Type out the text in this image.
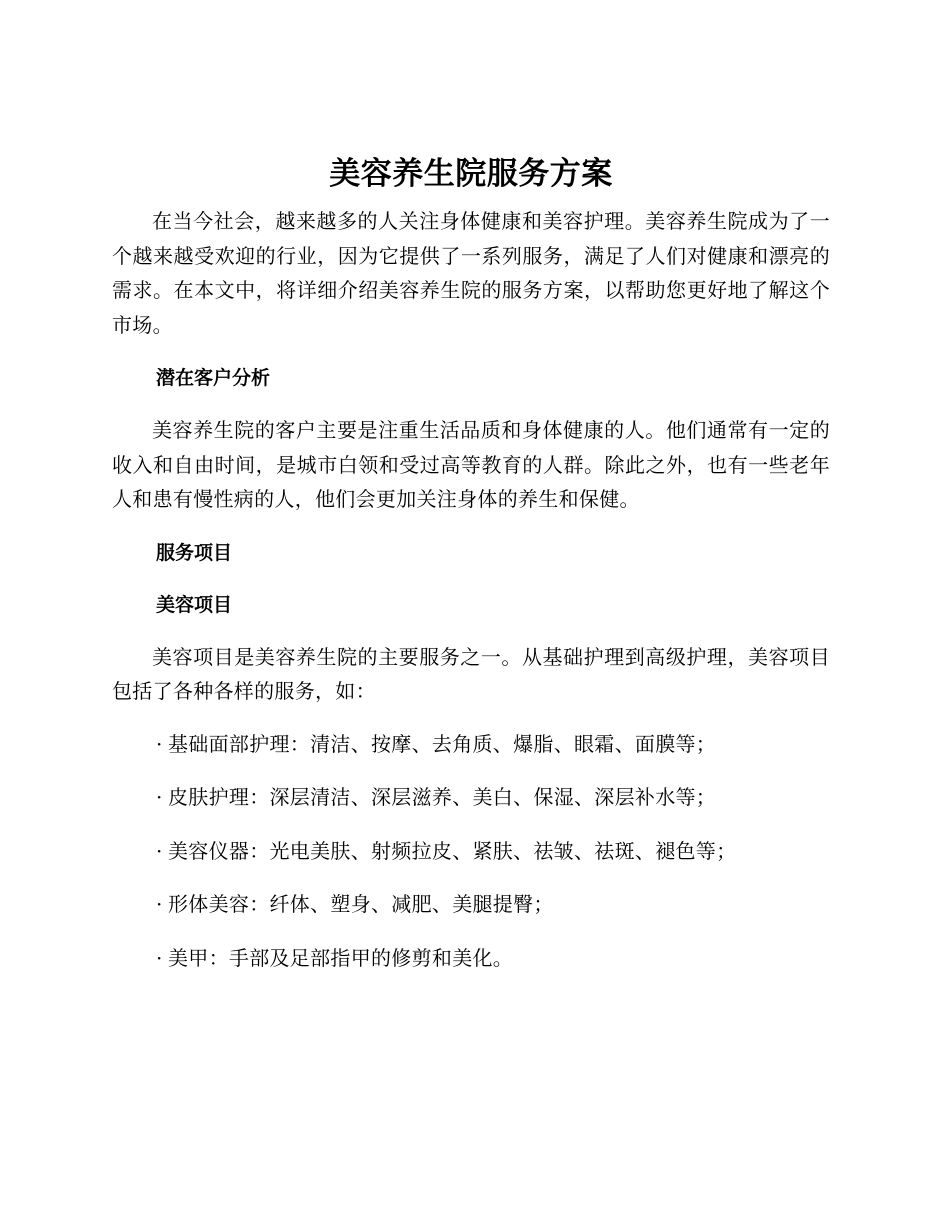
美容养生院服务方案

在当今社会，越来越多的人关注身体健康和美容护理。美容养生院成为了一个越来越受欢迎的行业，因为它提供了一系列服务，满足了人们对健康和漂亮的需求。在本文中，将详细介绍美容养生院的服务方案，以帮助您更好地了解这个市场。

潜在客户分析

美容养生院的客户主要是注重生活品质和身体健康的人。他们通常有一定的收入和自由时间，是城市白领和受过高等教育的人群。除此之外，也有一些老年人和患有慢性病的人，他们会更加关注身体的养生和保健。

服务项目
美容项目

美容项目是美容养生院的主要服务之一。从基础护理到高级护理，美容项目包括了各种各样的服务，如：

· 基础面部护理：清洁、按摩、去角质、爆脂、眼霜、面膜等；

· 皮肤护理：深层清洁、深层滋养、美白、保湿、深层补水等；

· 美容仪器：光电美肤、射频拉皮、紧肤、祛皱、祛斑、褪色等；

· 形体美容：纤体、塑身、减肥、美腿提臀；

· 美甲：手部及足部指甲的修剪和美化。
